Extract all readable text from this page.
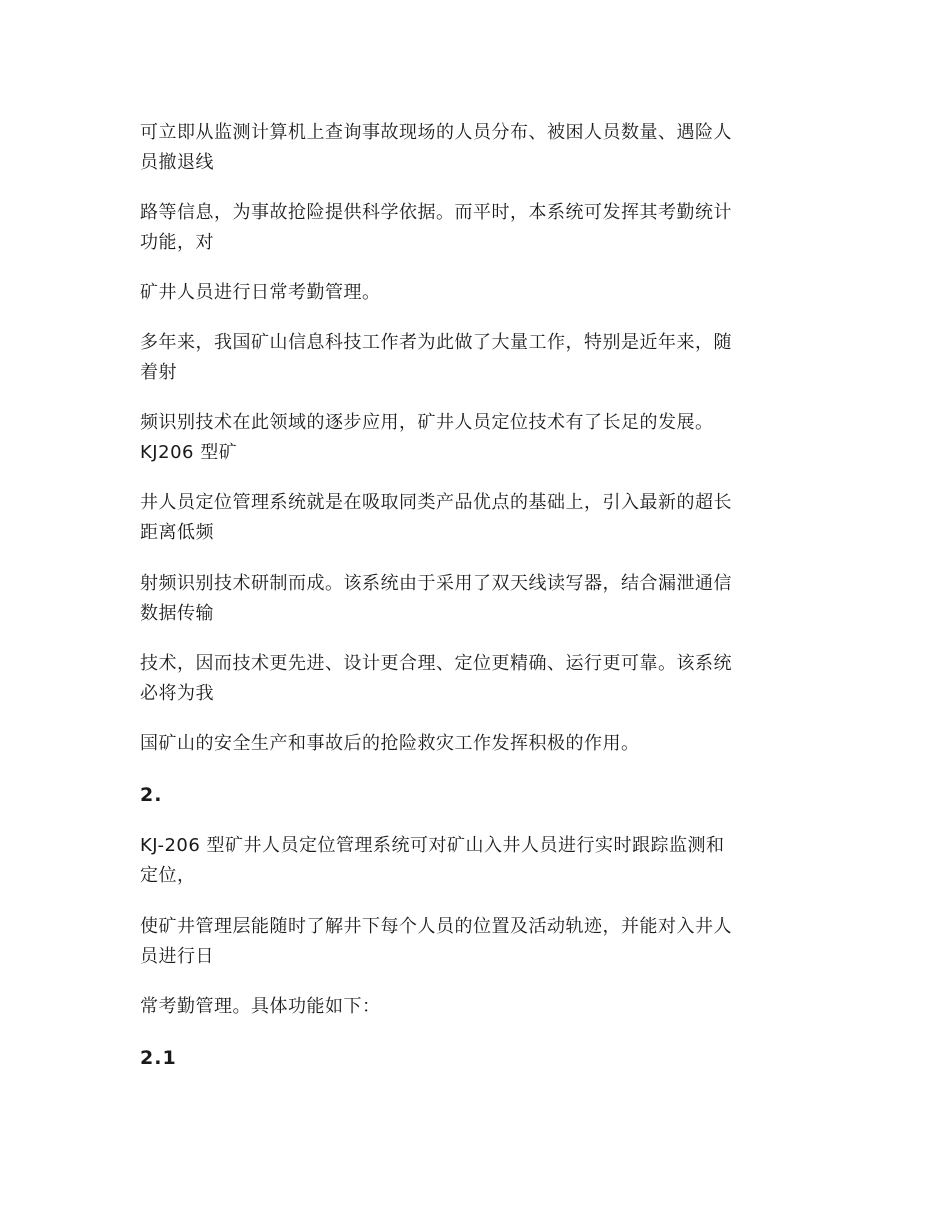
可立即从监测计算机上查询事故现场的人员分布、被困人员数量、遇险人
员撤退线

路等信息，为事故抢险提供科学依据。而平时，本系统可发挥其考勤统计
功能，对

矿井人员进行日常考勤管理。

多年来，我国矿山信息科技工作者为此做了大量工作，特别是近年来，随
着射

频识别技术在此领域的逐步应用，矿井人员定位技术有了长足的发展。
KJ206 型矿

井人员定位管理系统就是在吸取同类产品优点的基础上，引入最新的超长
距离低频

射频识别技术研制而成。该系统由于采用了双天线读写器，结合漏泄通信
数据传输

技术，因而技术更先进、设计更合理、定位更精确、运行更可靠。该系统
必将为我

国矿山的安全生产和事故后的抢险救灾工作发挥积极的作用。

2.

KJ-206 型矿井人员定位管理系统可对矿山入井人员进行实时跟踪监测和
定位，

使矿井管理层能随时了解井下每个人员的位置及活动轨迹，并能对入井人
员进行日

常考勤管理。具体功能如下：

2.1
